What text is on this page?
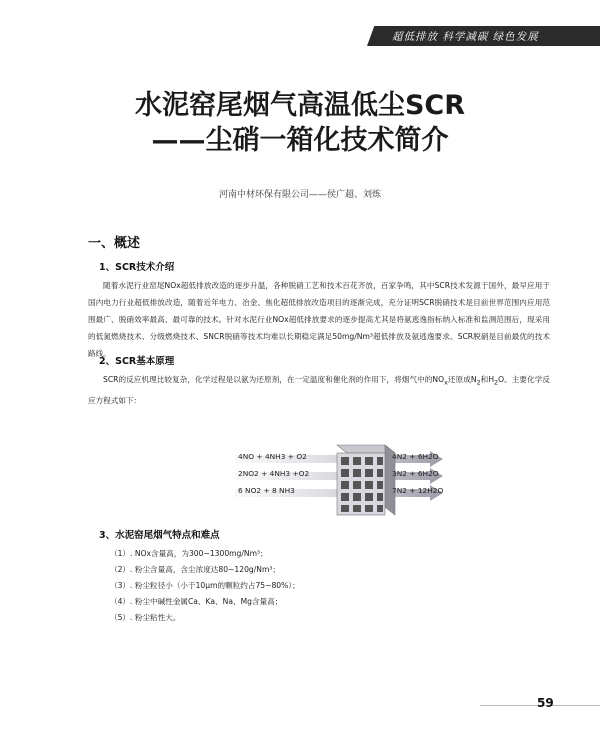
超低排放 科学减碳 绿色发展
水泥窑尾烟气高温低尘SCR
——尘硝一箱化技术简介
河南中材环保有限公司——侯广超、刘炼
一、概述
1、SCR技术介绍

随着水泥行业窑尾NOx超低排放改造的逐步升温，各种脱硝工艺和技术百花齐放，百家争鸣，其中SCR技术发源于国外，最早应用于国内电力行业超低排放改造，随着近年电力、冶金、焦化超低排放改造项目的逐渐完成，充分证明SCR脱硝技术是目前世界范围内应用范围最广、脱硝效率最高、最可靠的技术。针对水泥行业NOx超低排放要求的逐步提高尤其是将氨逃逸指标纳入标准和监测范围后，现采用的低氮燃烧技术、分级燃烧技术、SNCR脱硝等技术均难以长期稳定满足50mg/Nm³超低排放及氨逃逸要求。SCR脱硝是目前最优的技术路线。

2、SCR基本原理

SCR的反应机理比较复杂，化学过程是以氨为还原剂，在一定温度和催化剂的作用下，将烟气中的$NO_x$还原成$N_2$和$H_2O$。主要化学反应方程式如下：

4NO + 4NH3 + O2
2NO2 + 4NH3 +O2
6 NO2 + 8 NH3
4N2 + 6H2O
3N2 + 6H2O
7N2 + 12H2O
3、水泥窑尾烟气特点和难点
（1）. NOx含量高，为300~1300mg/Nm³；
（2）. 粉尘含量高，含尘浓度达80~120g/Nm³；
（3）. 粉尘粒径小（小于10μm的颗粒约占75~80%）；
（4）. 粉尘中碱性金属Ca、Ka、Na、Mg含量高；
（5）. 粉尘粘性大。
59
